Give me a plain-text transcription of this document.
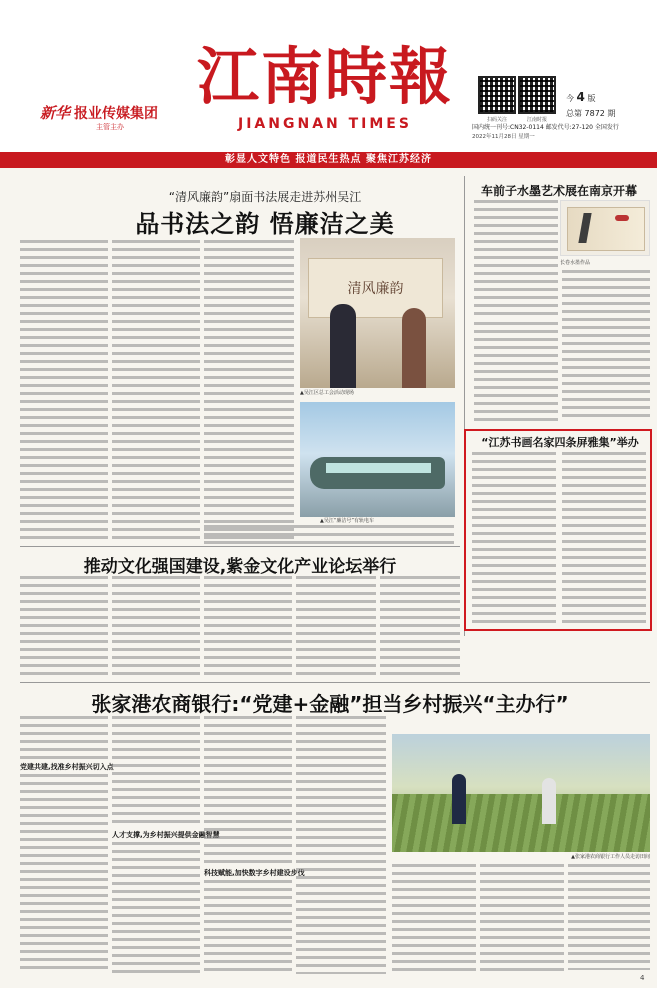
新华 报业传媒集团
主管主办
江南時報
JIANGNAN TIMES	扫码关注	江南时报
今 4 版
总第 7872 期
国内统一刊号:CN32-0114 邮发代号:27-120 全国发行
2022年11月28日 星期一
彰显人文特色 报道民生热点 聚焦江苏经济
“清风廉韵”扇面书法展走进苏州吴江
品书法之韵 悟廉洁之美
清风廉韵
▲吴江区总工会活动现场
▲吴江“廉洁号”有轨电车
车前子水墨艺术展在南京开幕
长卷水墨作品
“江苏书画名家四条屏雅集”举办
推动文化强国建设,紫金文化产业论坛举行
张家港农商银行:“党建+金融”担当乡村振兴“主办行”
党建共建,找准乡村振兴切入点
人才支撑,为乡村振兴提供金融智慧
科技赋能,加快数字乡村建设步伐
▲张家港农商银行工作人员走访田间
4
